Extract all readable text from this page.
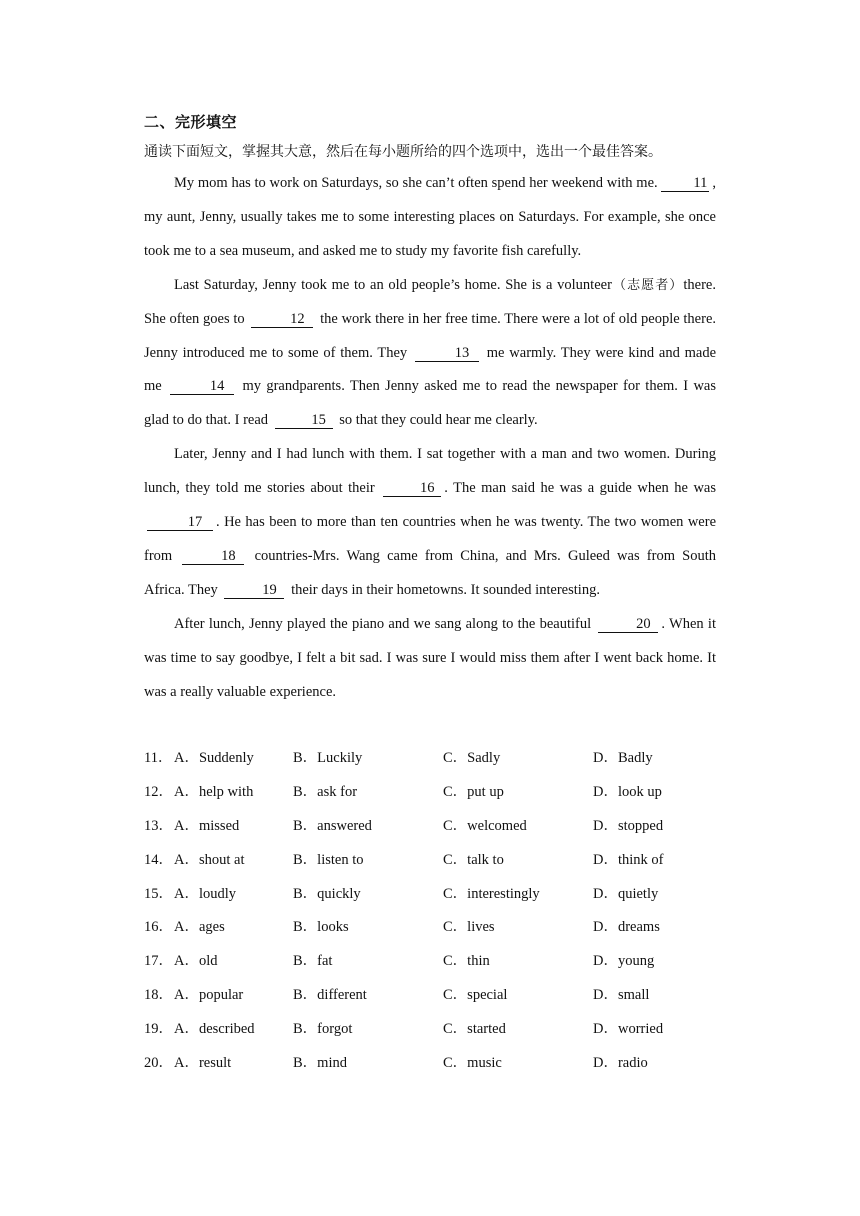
二、完形填空
通读下面短文，掌握其大意，然后在每小题所给的四个选项中，选出一个最佳答案。

My mom has to work on Saturdays, so she can’t often spend her weekend with me. 11 , my aunt, Jenny, usually takes me to some interesting places on Saturdays. For example, she once took me to a sea museum, and asked me to study my favorite fish carefully.

Last Saturday, Jenny took me to an old people’s home. She is a volunteer（志愿者）there. She often goes to	12 the work there in her free time. There were a lot of old people there. Jenny introduced me to some of them. They	13 me warmly. They were kind and made me	14 my grandparents. Then Jenny asked me to read the newspaper for them. I was glad to do that. I read	15 so that they could hear me clearly.

Later, Jenny and I had lunch with them. I sat together with a man and two women. During lunch, they told me stories about their	16 . The man said he was a guide when he was 17 . He has been to more than ten countries when he was twenty. The two women were from	18 countries-Mrs. Wang came from China, and Mrs. Guleed was from South Africa. They	19 their days in their hometowns. It sounded interesting.

After lunch, Jenny played the piano and we sang along to the beautiful	20 . When it was time to say goodbye, I felt a bit sad. I was sure I would miss them after I went back home. It was a really valuable experience.

11． A．Suddenly	B．Luckily	C．Sadly	D．Badly
12． A．help with	B．ask for	C．put up	D．look up
13． A．missed	B．answered	C．welcomed	D．stopped
14． A．shout at	B．listen to	C．talk to	D．think of
15． A．loudly	B．quickly	C．interestingly	D．quietly
16． A．ages	B．looks	C．lives	D．dreams
17． A．old	B．fat	C．thin	D．young
18． A．popular	B．different	C．special	D．small
19． A．described	B．forgot	C．started	D．worried
20． A．result	B．mind	C．music	D．radio
